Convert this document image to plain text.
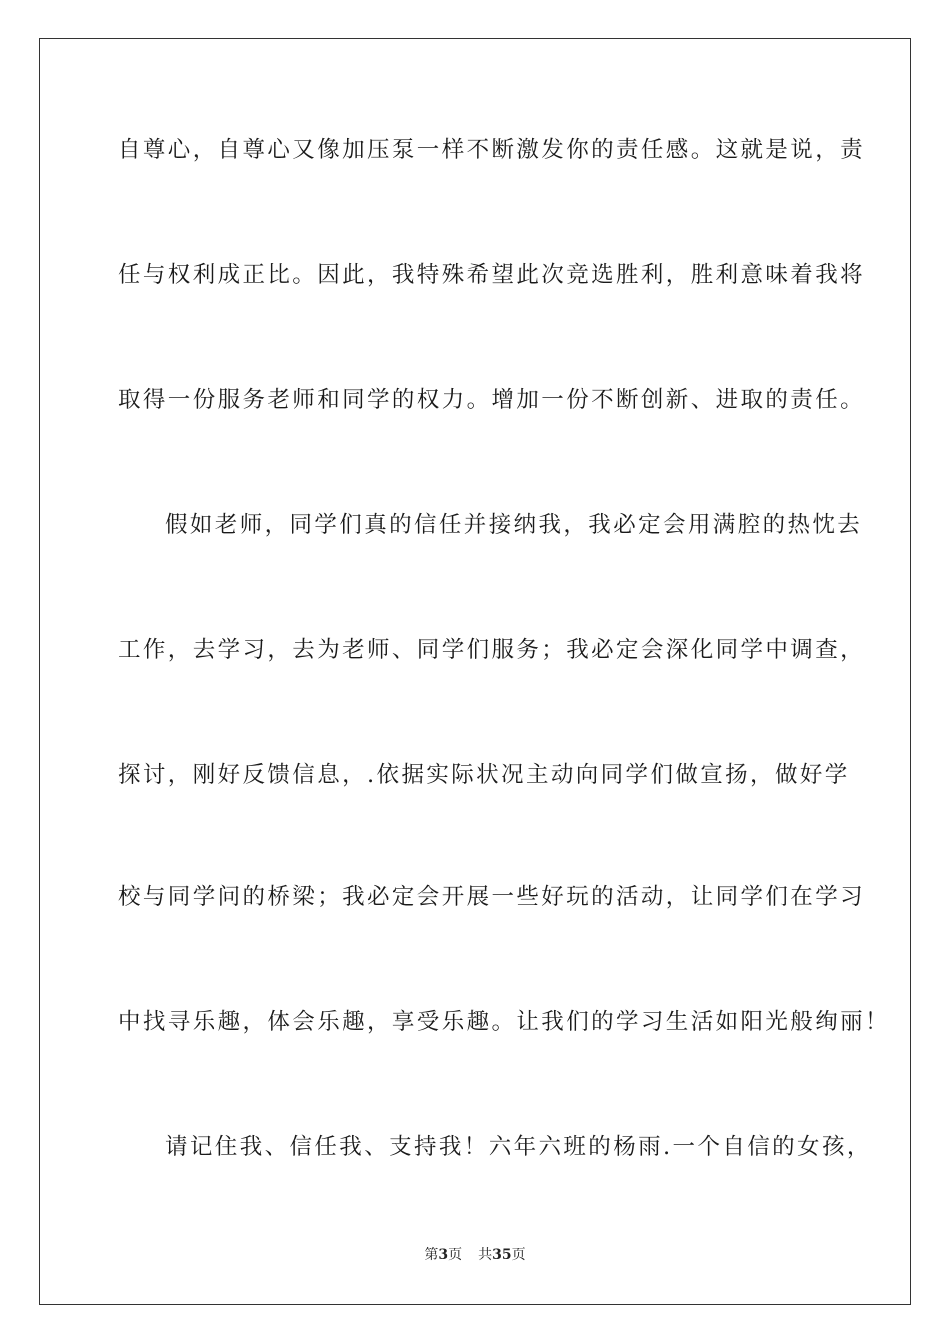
自尊心，自尊心又像加压泵一样不断激发你的责任感。这就是说，责
任与权利成正比。因此，我特殊希望此次竞选胜利，胜利意味着我将
取得一份服务老师和同学的权力。增加一份不断创新、进取的责任。
假如老师，同学们真的信任并接纳我，我必定会用满腔的热忱去
工作，去学习，去为老师、同学们服务；我必定会深化同学中调查，
探讨，刚好反馈信息，.依据实际状况主动向同学们做宣扬，做好学
校与同学问的桥梁；我必定会开展一些好玩的活动，让同学们在学习
中找寻乐趣，体会乐趣，享受乐趣。让我们的学习生活如阳光般绚丽！
请记住我、信任我、支持我！六年六班的杨雨.一个自信的女孩，
第3页 共35页
